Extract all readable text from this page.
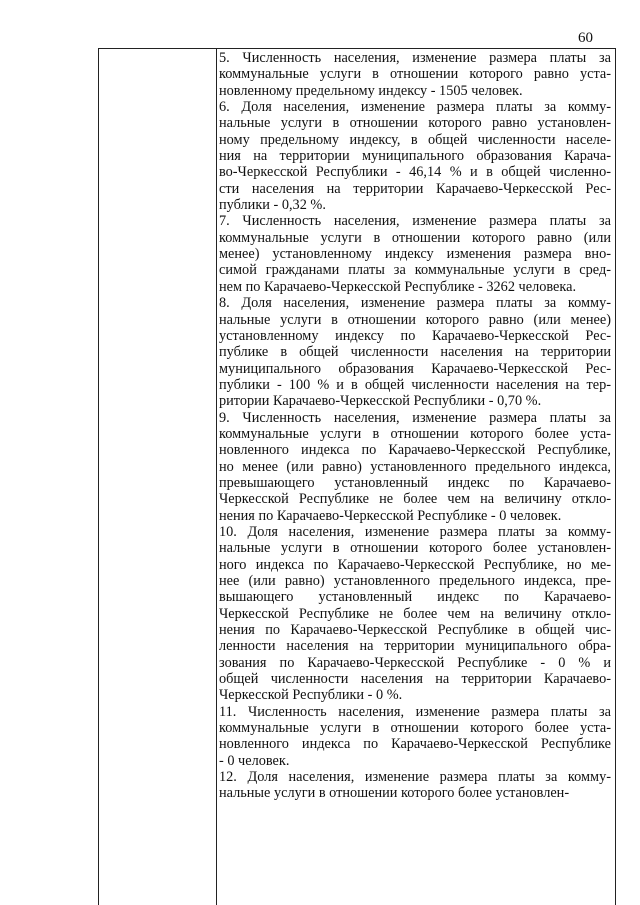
60

5. Численность населения, изменение размера платы за
коммунальные услуги в отношении которого равно уста-
новленному предельному индексу - 1505 человек.

6. Доля населения, изменение размера платы за комму-
нальные услуги в отношении которого равно установлен-
ному предельному индексу, в общей численности населе-
ния на территории муниципального образования Карача-
во-Черкесской Республики - 46,14 % и в общей численно-
сти населения на территории Карачаево-Черкесской Рес-
публики - 0,32 %.

7. Численность населения, изменение размера платы за
коммунальные услуги в отношении которого равно (или
менее) установленному индексу изменения размера вно-
симой гражданами платы за коммунальные услуги в сред-
нем по Карачаево-Черкесской Республике - 3262 человека.

8. Доля населения, изменение размера платы за комму-
нальные услуги в отношении которого равно (или менее)
установленному индексу по Карачаево-Черкесской Рес-
публике в общей численности населения на территории
муниципального образования Карачаево-Черкесской Рес-
публики - 100 % и в общей численности населения на тер-
ритории Карачаево-Черкесской Республики - 0,70 %.

9. Численность населения, изменение размера платы за
коммунальные услуги в отношении которого более уста-
новленного индекса по Карачаево-Черкесской Республике,
но менее (или равно) установленного предельного индекса,
превышающего установленный индекс по Карачаево-
Черкесской Республике не более чем на величину откло-
нения по Карачаево-Черкесской Республике - 0 человек.

10. Доля населения, изменение размера платы за комму-
нальные услуги в отношении которого более установлен-
ного индекса по Карачаево-Черкесской Республике, но ме-
нее (или равно) установленного предельного индекса, пре-
вышающего установленный индекс по Карачаево-
Черкесской Республике не более чем на величину откло-
нения по Карачаево-Черкесской Республике в общей чис-
ленности населения на территории муниципального обра-
зования по Карачаево-Черкесской Республике - 0 % и
общей численности населения на территории Карачаево-
Черкесской Республики - 0 %.

11. Численность населения, изменение размера платы за
коммунальные услуги в отношении которого более уста-
новленного индекса по Карачаево-Черкесской Республике
- 0 человек.

12. Доля населения, изменение размера платы за комму-
нальные услуги в отношении которого более установлен-
